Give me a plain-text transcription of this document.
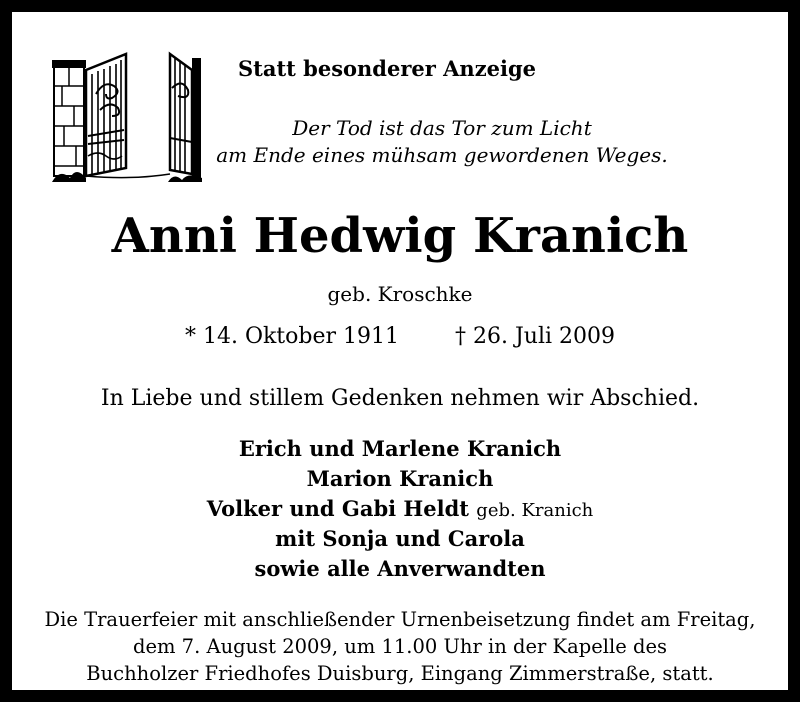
Statt besonderer Anzeige
Der Tod ist das Tor zum Licht
am Ende eines mühsam gewordenen Weges.
Anni Hedwig Kranich
geb. Kroschke
* 14. Oktober 1911	† 26. Juli 2009
In Liebe und stillem Gedenken nehmen wir Abschied.
Erich und Marlene Kranich
Marion Kranich
Volker und Gabi Heldt geb. Kranich
mit Sonja und Carola
sowie alle Anverwandten
Die Trauerfeier mit anschließender Urnenbeisetzung findet am Freitag,
dem 7. August 2009, um 11.00 Uhr in der Kapelle des
Buchholzer Friedhofes Duisburg, Eingang Zimmerstraße, statt.
